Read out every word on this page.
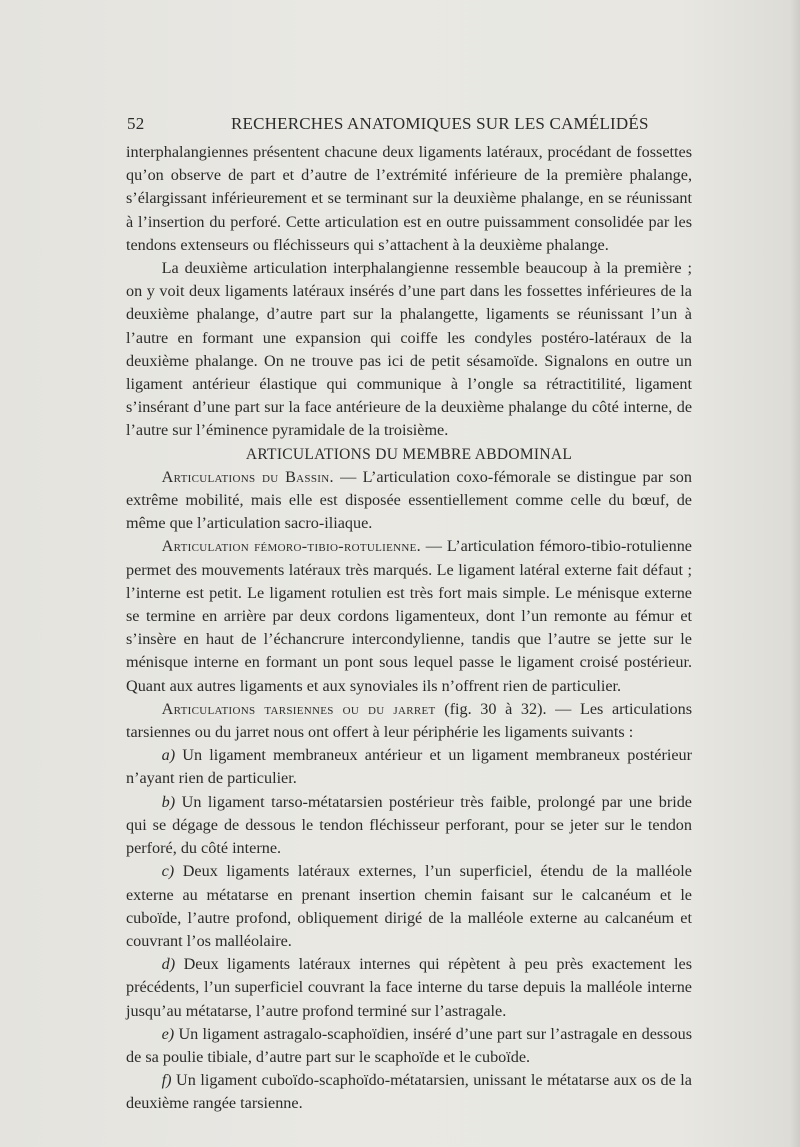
52	RECHERCHES ANATOMIQUES SUR LES CAMÉLIDÉS

interphalangiennes présentent chacune deux ligaments latéraux, procédant de fossettes qu’on observe de part et d’autre de l’extrémité inférieure de la première phalange, s’élargissant inférieurement et se terminant sur la deuxième phalange, en se réunissant à l’insertion du perforé. Cette articulation est en outre puissamment consolidée par les tendons extenseurs ou fléchisseurs qui s’attachent à la deuxième phalange.

La deuxième articulation interphalangienne ressemble beaucoup à la première ; on y voit deux ligaments latéraux insérés d’une part dans les fossettes inférieures de la deuxième phalange, d’autre part sur la phalangette, ligaments se réunissant l’un à l’autre en formant une expansion qui coiffe les condyles postéro-latéraux de la deuxième phalange. On ne trouve pas ici de petit sésamoïde. Signalons en outre un ligament antérieur élastique qui communique à l’ongle sa rétractitilité, ligament s’insérant d’une part sur la face antérieure de la deuxième phalange du côté interne, de l’autre sur l’éminence pyramidale de la troisième.

ARTICULATIONS DU MEMBRE ABDOMINAL

Articulations du Bassin. — L’articulation coxo-fémorale se distingue par son extrême mobilité, mais elle est disposée essentiellement comme celle du bœuf, de même que l’articulation sacro-iliaque.

Articulation fémoro-tibio-rotulienne. — L’articulation fémoro-tibio-rotulienne permet des mouvements latéraux très marqués. Le ligament latéral externe fait défaut ; l’interne est petit. Le ligament rotulien est très fort mais simple. Le ménisque externe se termine en arrière par deux cordons ligamenteux, dont l’un remonte au fémur et s’insère en haut de l’échancrure intercondylienne, tandis que l’autre se jette sur le ménisque interne en formant un pont sous lequel passe le ligament croisé postérieur. Quant aux autres ligaments et aux synoviales ils n’offrent rien de particulier.

Articulations tarsiennes ou du jarret (fig. 30 à 32). — Les articulations tarsiennes ou du jarret nous ont offert à leur périphérie les ligaments suivants :

a) Un ligament membraneux antérieur et un ligament membraneux postérieur n’ayant rien de particulier.

b) Un ligament tarso-métatarsien postérieur très faible, prolongé par une bride qui se dégage de dessous le tendon fléchisseur perforant, pour se jeter sur le tendon perforé, du côté interne.

c) Deux ligaments latéraux externes, l’un superficiel, étendu de la malléole externe au métatarse en prenant insertion chemin faisant sur le calcanéum et le cuboïde, l’autre profond, obliquement dirigé de la malléole externe au calcanéum et couvrant l’os malléolaire.

d) Deux ligaments latéraux internes qui répètent à peu près exactement les précédents, l’un superficiel couvrant la face interne du tarse depuis la malléole interne jusqu’au métatarse, l’autre profond terminé sur l’astragale.

e) Un ligament astragalo-scaphoïdien, inséré d’une part sur l’astragale en dessous de sa poulie tibiale, d’autre part sur le scaphoïde et le cuboïde.

f) Un ligament cuboïdo-scaphoïdo-métatarsien, unissant le métatarse aux os de la deuxième rangée tarsienne.
